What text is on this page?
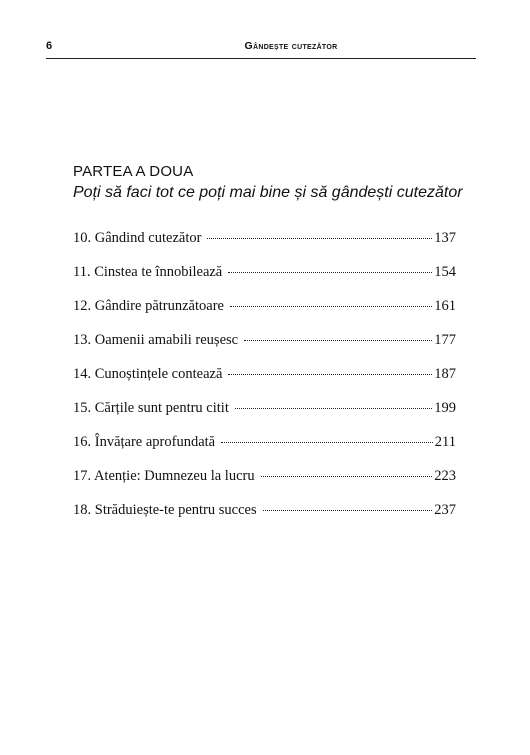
6	Gândește cutezător
PARTEA A DOUA
Poți să faci tot ce poți mai bine și să gândești cutezător
10. Gândind cutezător	137
11. Cinstea te înnobilează	154
12. Gândire pătrunzătoare	161
13. Oamenii amabili reușesc	177
14. Cunoștințele contează	187
15. Cărțile sunt pentru citit	199
16. Învățare aprofundată	211
17. Atenție: Dumnezeu la lucru	223
18. Străduiește-te pentru succes	237
